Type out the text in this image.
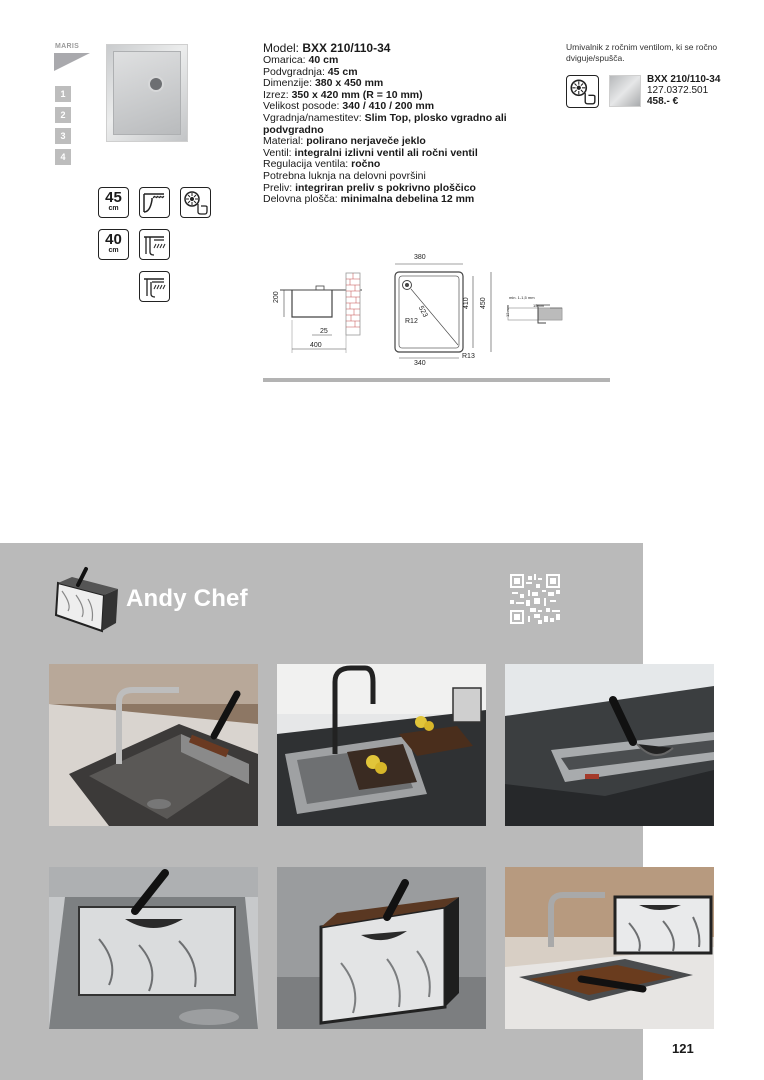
MARIS
1
2
3
4
45
cm
40
cm
Model: BXX 210/110-34
Omarica: 40 cm
Podvgradnja: 45 cm
Dimenzije: 380 x 450 mm
Izrez: 350 x 420 mm (R = 10 mm)
Velikost posode: 340 / 410 / 200 mm
Vgradnja/namestitev: Slim Top, plosko vgradno ali podvgradno
Material: polirano nerjaveče jeklo
Ventil: integralni izlivni ventil ali ročni ventil
Regulacija ventila: ročno
Potrebna luknja na delovni površini
Preliv: integriran preliv s pokrivno ploščico
Delovna plošča: minimalna debelina 12 mm
200
25
400
380
523
410 450
R12
340
R13
min. 1-1,5 mm
15mm
12 mm
Umivalnik z ročnim ventilom, ki se ročno dviguje/spušča.
BXX 210/110-34
127.0372.501
458.- €
Andy Chef
121
